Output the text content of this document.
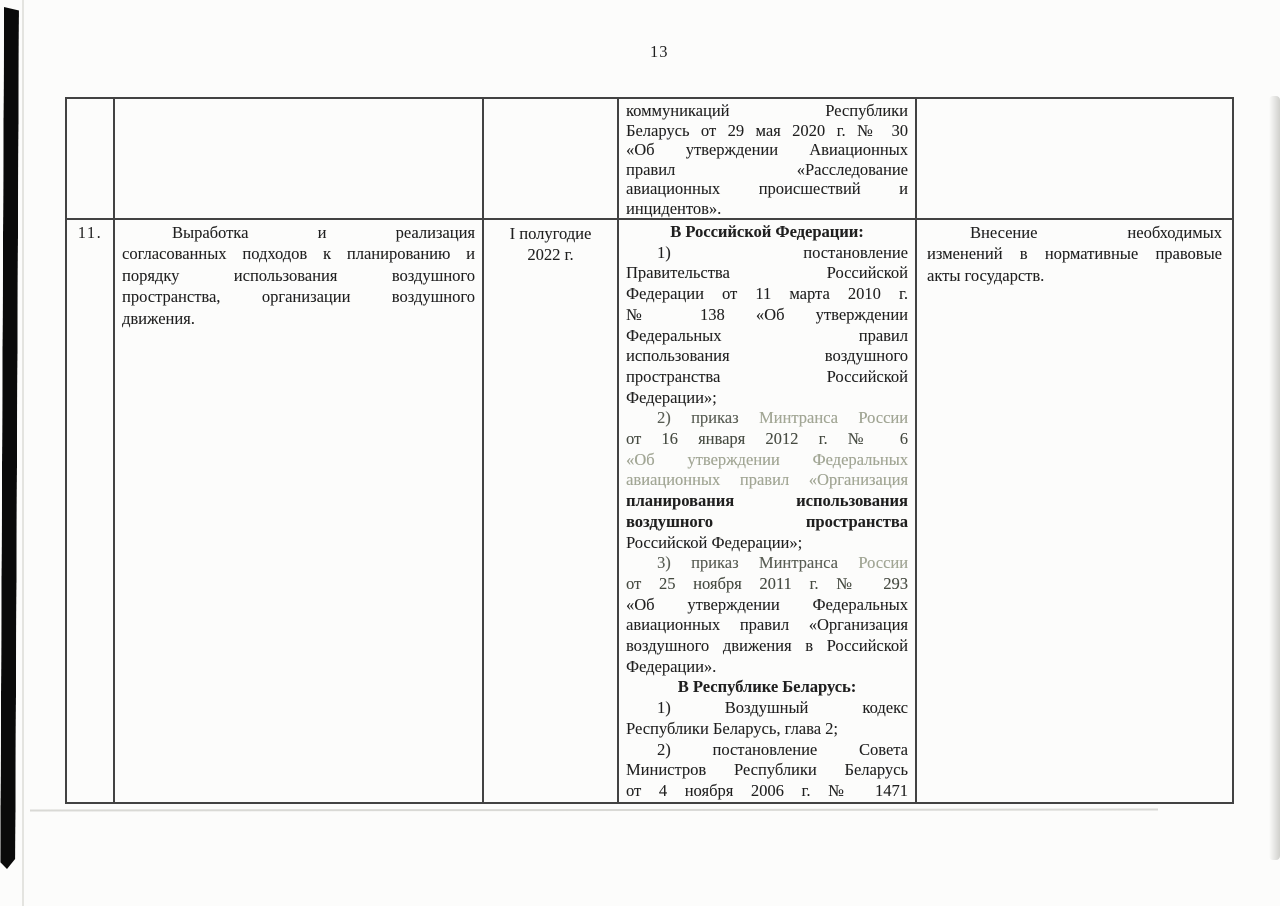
13
коммуникаций Республики
Беларусь от 29 мая 2020 г. № 30
«Об утверждении Авиационных
правил «Расследование
авиационных происшествий и
инцидентов».
11.	Выработка и реализация
согласованных подходов к планированию и
порядку использования воздушного
пространства, организации воздушного
движения.
I полугодие
2022 г.
В Российской Федерации:
1) постановление
Правительства Российской
Федерации от 11 марта 2010 г.
№ 138 «Об утверждении
Федеральных правил
использования воздушного
пространства Российской
Федерации»;
2) приказ Минтранса России
от 16 января 2012 г. № 6
«Об утверждении Федеральных
авиационных правил «Организация
планирования использования
воздушного пространства
Российской Федерации»;
3) приказ Минтранса России
от 25 ноября 2011 г. № 293
«Об утверждении Федеральных
авиационных правил «Организация
воздушного движения в Российской
Федерации».
В Республике Беларусь:
1) Воздушный кодекс
Республики Беларусь, глава 2;
2) постановление Совета
Министров Республики Беларусь
от 4 ноября 2006 г. № 1471
Внесение необходимых
изменений в нормативные правовые
акты государств.
